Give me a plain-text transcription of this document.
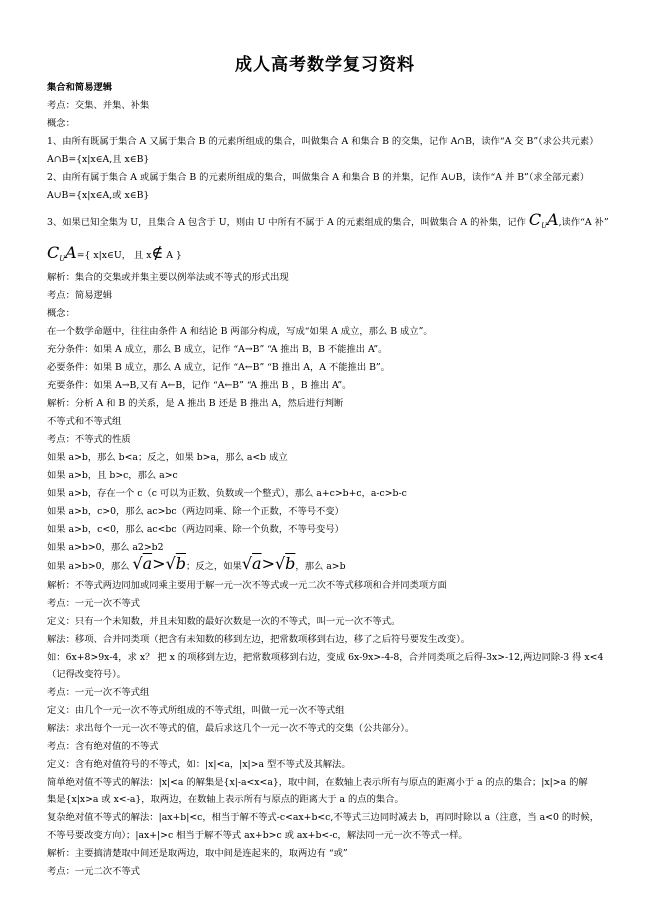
成人高考数学复习资料
集合和简易逻辑
考点：交集、并集、补集
概念：
1、由所有既属于集合 A 又属于集合 B 的元素所组成的集合，叫做集合 A 和集合 B 的交集，记作 A∩B，读作“A 交 B”（求公共元素）
A∩B={x|x∈A,且 x∈B}
2、由所有属于集合 A 或属于集合 B 的元素所组成的集合，叫做集合 A 和集合 B 的并集，记作 A∪B，读作“A 并 B”（求全部元素）
A∪B={x|x∈A,或 x∈B}
3、如果已知全集为 U，且集合 A 包含于 U，则由 U 中所有不属于 A 的元素组成的集合，叫做集合 A 的补集，记作 $C_UA$,读作“A 补”
$C_UA=${ x|x∈U， 且 x∉ A }
解析：集合的交集或并集主要以例举法或不等式的形式出现
考点：简易逻辑
概念：
在一个数学命题中，往往由条件 A 和结论 B 两部分构成，写成“如果 A 成立，那么 B 成立”。
充分条件：如果 A 成立，那么 B 成立，记作 “A→B” “A 推出 B，B 不能推出 A”。
必要条件：如果 B 成立，那么 A 成立，记作 “A←B” “B 推出 A，A 不能推出 B”。
充要条件：如果 A→B,又有 A←B，记作 “A←B” “A 推出 B ，B 推出 A”。
解析：分析 A 和 B 的关系，是 A 推出 B 还是 B 推出 A，然后进行判断
不等式和不等式组
考点：不等式的性质
如果 a>b，那么 b<a；反之，如果 b>a，那么 a<b 成立
如果 a>b，且 b>c，那么 a>c
如果 a>b，存在一个 c（c 可以为正数、负数或一个整式），那么 a+c>b+c，a-c>b-c
如果 a>b，c>0，那么 ac>bc（两边同乘、除一个正数，不等号不变）
如果 a>b，c<0，那么 ac<bc（两边同乘、除一个负数，不等号变号）
如果 a>b>0，那么 a2>b2
如果 a>b>0，那么 √a>√b；反之，如果√a>√b，那么 a>b
解析：不等式两边同加或同乘主要用于解一元一次不等式或一元二次不等式移项和合并同类项方面
考点：一元一次不等式
定义：只有一个未知数，并且未知数的最好次数是一次的不等式，叫一元一次不等式。
解法：移项、合并同类项（把含有未知数的移到左边，把常数项移到右边，移了之后符号要发生改变）。
如：6x+8>9x-4，求 x？ 把 x 的项移到左边，把常数项移到右边，变成 6x-9x>-4-8，合并同类项之后得-3x>-12,两边同除-3 得 x<4
（记得改变符号）。
考点：一元一次不等式组
定义：由几个一元一次不等式所组成的不等式组，叫做一元一次不等式组
解法：求出每个一元一次不等式的值，最后求这几个一元一次不等式的交集（公共部分）。
考点：含有绝对值的不等式
定义：含有绝对值符号的不等式，如：|x|<a，|x|>a 型不等式及其解法。
简单绝对值不等式的解法：|x|<a 的解集是{x|-a<x<a}，取中间，在数轴上表示所有与原点的距离小于 a 的点的集合；|x|>a 的解
集是{x|x>a 或 x<-a}，取两边，在数轴上表示所有与原点的距离大于 a 的点的集合。
复杂绝对值不等式的解法：|ax+b|<c，相当于解不等式-c<ax+b<c,不等式三边同时减去 b，再同时除以 a（注意，当 a<0 的时候，
不等号要改变方向）；|ax+|>c 相当于解不等式 ax+b>c 或 ax+b<-c，解法同一元一次不等式一样。
解析：主要搞清楚取中间还是取两边，取中间是连起来的，取两边有 “或”
考点：一元二次不等式
